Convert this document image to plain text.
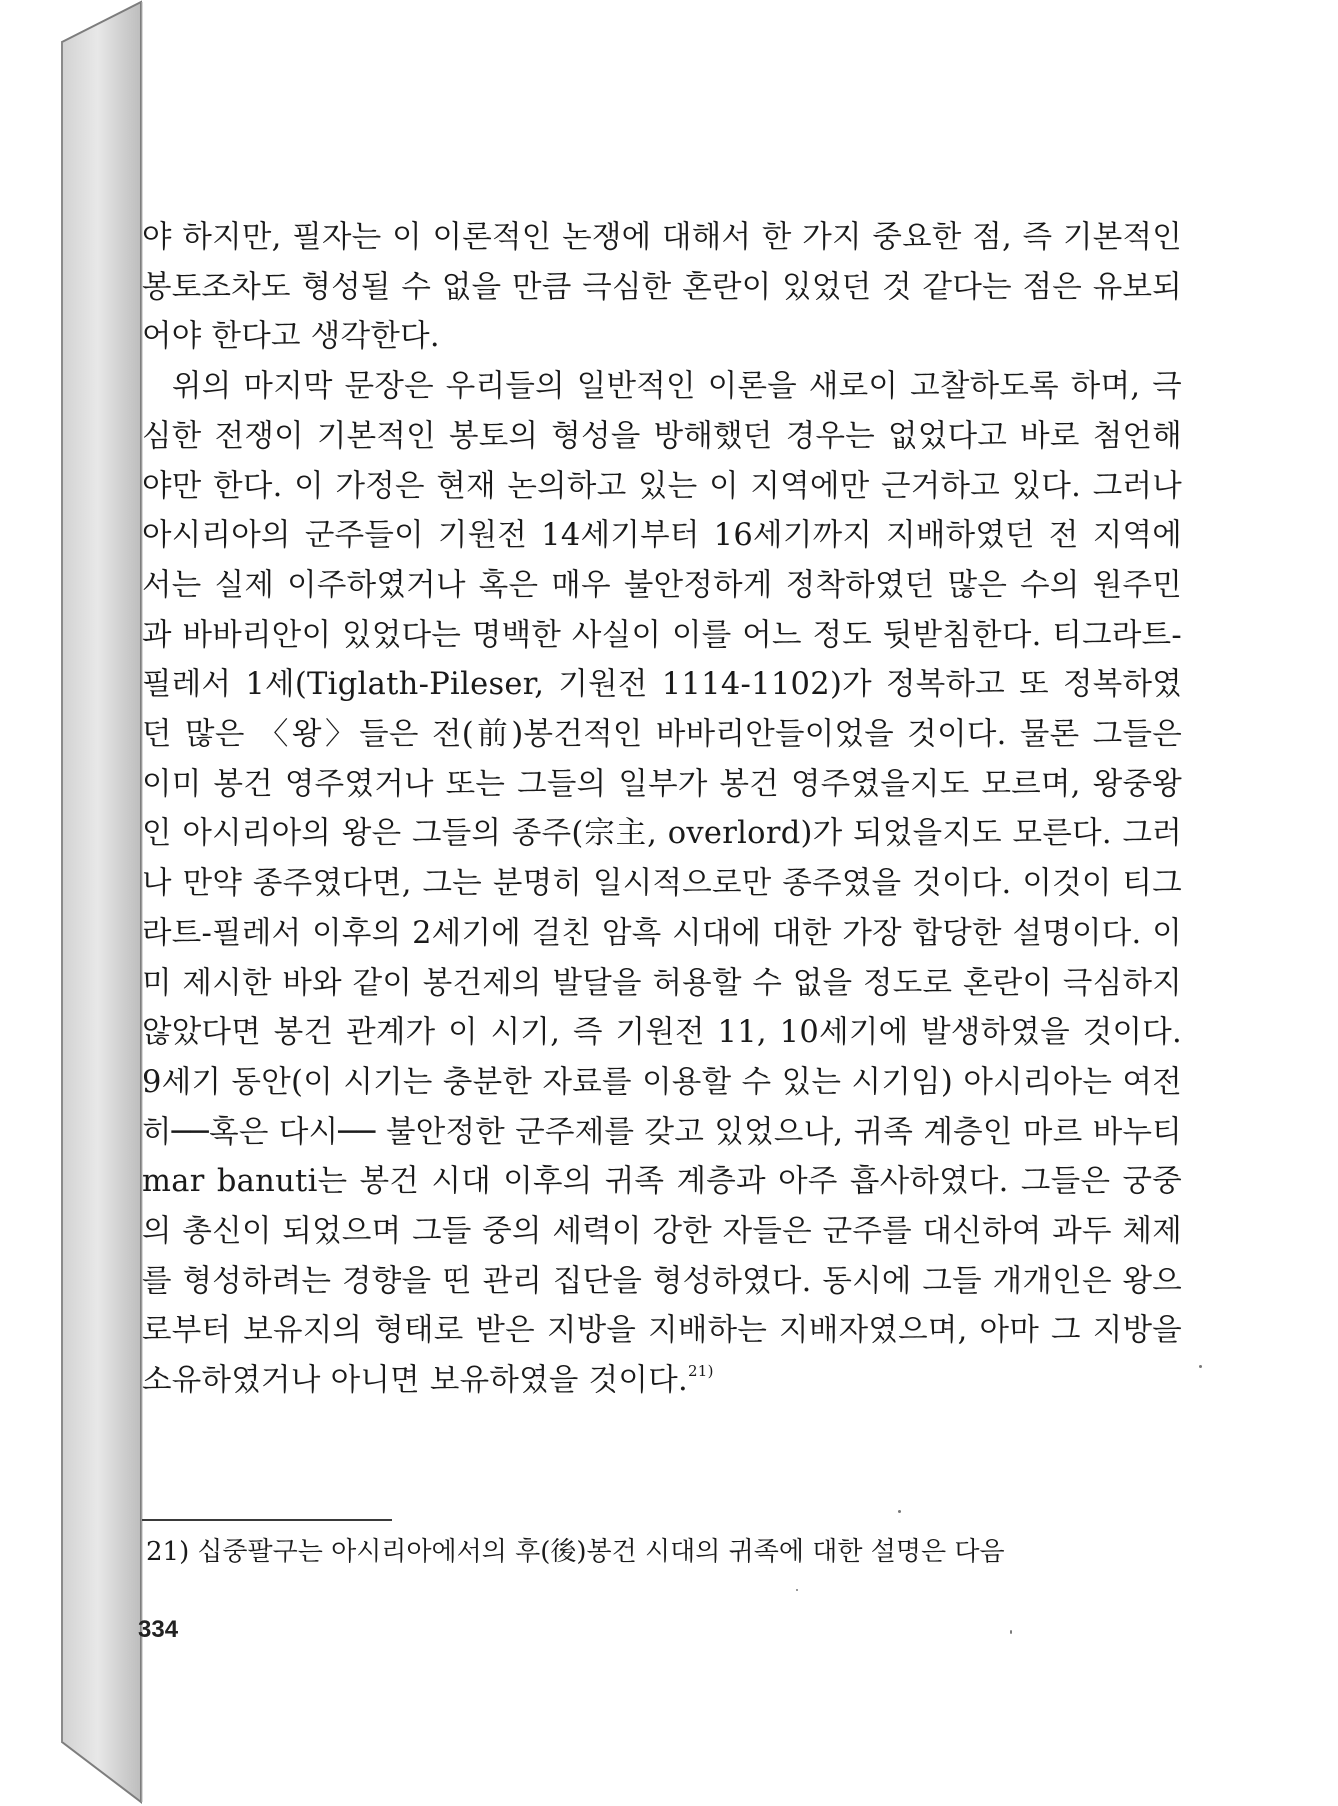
야 하지만, 필자는 이 이론적인 논쟁에 대해서 한 가지 중요한 점, 즉 기본적인 봉토조차도 형성될 수 없을 만큼 극심한 혼란이 있었던 것 같다는 점은 유보되어야 한다고 생각한다.

위의 마지막 문장은 우리들의 일반적인 이론을 새로이 고찰하도록 하며, 극심한 전쟁이 기본적인 봉토의 형성을 방해했던 경우는 없었다고 바로 첨언해야만 한다. 이 가정은 현재 논의하고 있는 이 지역에만 근거하고 있다. 그러나 아시리아의 군주들이 기원전 14세기부터 16세기까지 지배하였던 전 지역에서는 실제 이주하였거나 혹은 매우 불안정하게 정착하였던 많은 수의 원주민과 바바리안이 있었다는 명백한 사실이 이를 어느 정도 뒷받침한다. 티그라트-필레서 1세(Tiglath-Pileser, 기원전 1114-1102)가 정복하고 또 정복하였던 많은 〈왕〉들은 전(前)봉건적인 바바리안들이었을 것이다. 물론 그들은 이미 봉건 영주였거나 또는 그들의 일부가 봉건 영주였을지도 모르며, 왕중왕인 아시리아의 왕은 그들의 종주(宗主, overlord)가 되었을지도 모른다. 그러나 만약 종주였다면, 그는 분명히 일시적으로만 종주였을 것이다. 이것이 티그라트-필레서 이후의 2세기에 걸친 암흑 시대에 대한 가장 합당한 설명이다. 이미 제시한 바와 같이 봉건제의 발달을 허용할 수 없을 정도로 혼란이 극심하지 않았다면 봉건 관계가 이 시기, 즉 기원전 11, 10세기에 발생하였을 것이다. 9세기 동안(이 시기는 충분한 자료를 이용할 수 있는 시기임) 아시리아는 여전히──혹은 다시── 불안정한 군주제를 갖고 있었으나, 귀족 계층인 마르 바누티 mar banuti는 봉건 시대 이후의 귀족 계층과 아주 흡사하였다. 그들은 궁중의 총신이 되었으며 그들 중의 세력이 강한 자들은 군주를 대신하여 과두 체제를 형성하려는 경향을 띤 관리 집단을 형성하였다. 동시에 그들 개개인은 왕으로부터 보유지의 형태로 받은 지방을 지배하는 지배자였으며, 아마 그 지방을 소유하였거나 아니면 보유하였을 것이다.$^{21)}$
21) 십중팔구는 아시리아에서의 후(後)봉건 시대의 귀족에 대한 설명은 다음
334
